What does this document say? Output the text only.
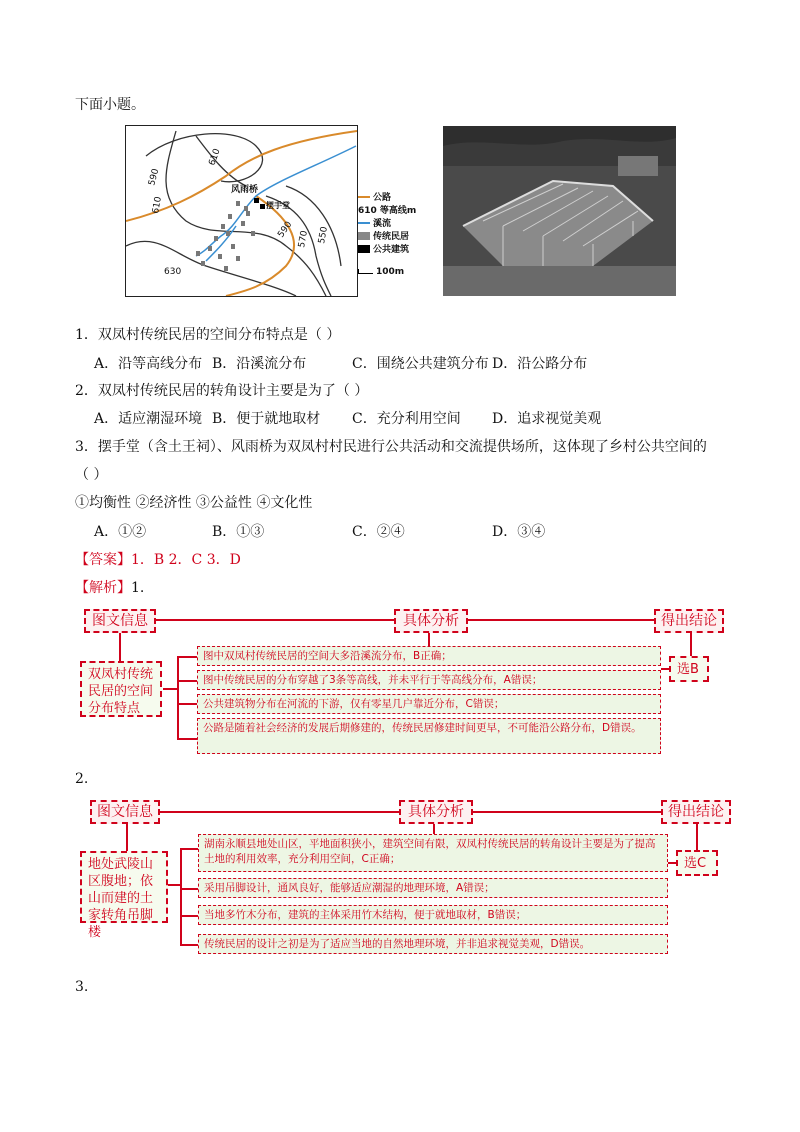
下面小题。
610
590
610
570 550
590
630
风雨桥
摆手堂
公路
610 等高线m
溪流
传统民居
公共建筑
100m
1．双凤村传统民居的空间分布特点是（ ）
A．沿等高线分布 B．沿溪流分布	C．围绕公共建筑分布 D．沿公路分布
2．双凤村传统民居的转角设计主要是为了（ ）
A．适应潮湿环境 B．便于就地取材 C．充分利用空间 D．追求视觉美观
3．摆手堂（含土王祠）、风雨桥为双凤村村民进行公共活动和交流提供场所，这体现了乡村公共空间的
（ ）
①均衡性 ②经济性 ③公益性 ④文化性
A．①②	B．①③	C．②④	D．③④
【答案】1．B 2．C 3．D
【解析】1.
图文信息	具体分析	得出结论
双凤村传统民居的空间分布特点
图中双凤村传统民居的空间大多沿溪流分布，B正确；
图中传统民居的分布穿越了3条等高线，并未平行于等高线分布，A错误；
公共建筑物分布在河流的下游，仅有零星几户靠近分布，C错误；
公路是随着社会经济的发展后期修建的，传统民居修建时间更早，不可能沿公路分布，D错误。
选B
2.
图文信息	具体分析	得出结论
地处武陵山区腹地；依山而建的土家转角吊脚楼
湖南永顺县地处山区，平地面积狭小，建筑空间有限，双凤村传统民居的转角设计主要是为了提高土地的利用效率，充分利用空间，C正确；
采用吊脚设计，通风良好，能够适应潮湿的地理环境，A错误；
当地多竹木分布，建筑的主体采用竹木结构，便于就地取材，B错误；
传统民居的设计之初是为了适应当地的自然地理环境，并非追求视觉美观，D错误。
选C
3.
